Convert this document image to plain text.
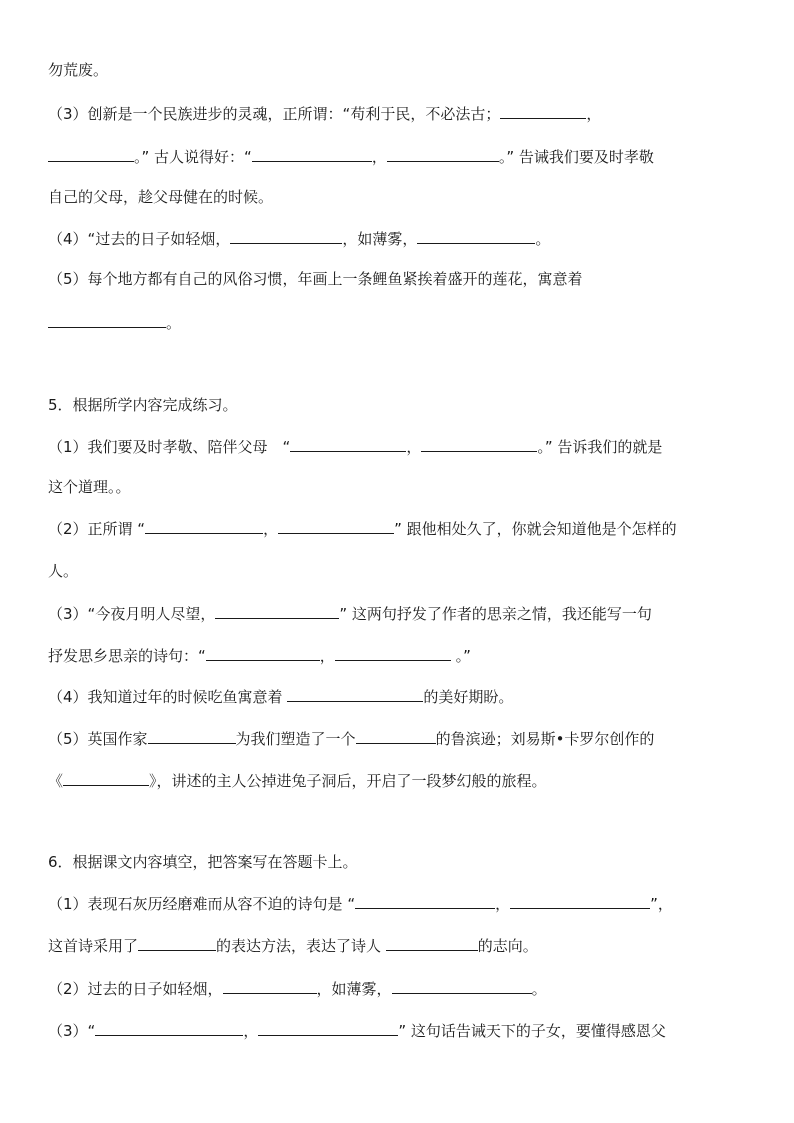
勿荒废。
（3）创新是一个民族进步的灵魂，正所谓：“苟利于民，不必法古；	，
。” 古人说得好：“	，	。” 告诫我们要及时孝敬
自己的父母，趁父母健在的时候。
（4）“过去的日子如轻烟，	，如薄雾，	。
（5）每个地方都有自己的风俗习惯，年画上一条鲤鱼紧挨着盛开的莲花，寓意着
。
5．根据所学内容完成练习。
（1）我们要及时孝敬、陪伴父母　“	，	。” 告诉我们的就是
这个道理。。
（2）正所谓 “	，	” 跟他相处久了，你就会知道他是个怎样的
人。
（3）“今夜月明人尽望，	” 这两句抒发了作者的思亲之情，我还能写一句
抒发思乡思亲的诗句：“	，	。”
（4）我知道过年的时候吃鱼寓意着	的美好期盼。
（5）英国作家	为我们塑造了一个	的鲁滨逊；刘易斯•卡罗尔创作的
《	》，讲述的主人公掉进兔子洞后，开启了一段梦幻般的旅程。
6．根据课文内容填空，把答案写在答题卡上。
（1）表现石灰历经磨难而从容不迫的诗句是 “	，	”，
这首诗采用了	的表达方法，表达了诗人	的志向。
（2）过去的日子如轻烟，	，如薄雾，	。
（3）“	，	” 这句话告诫天下的子女，要懂得感恩父
